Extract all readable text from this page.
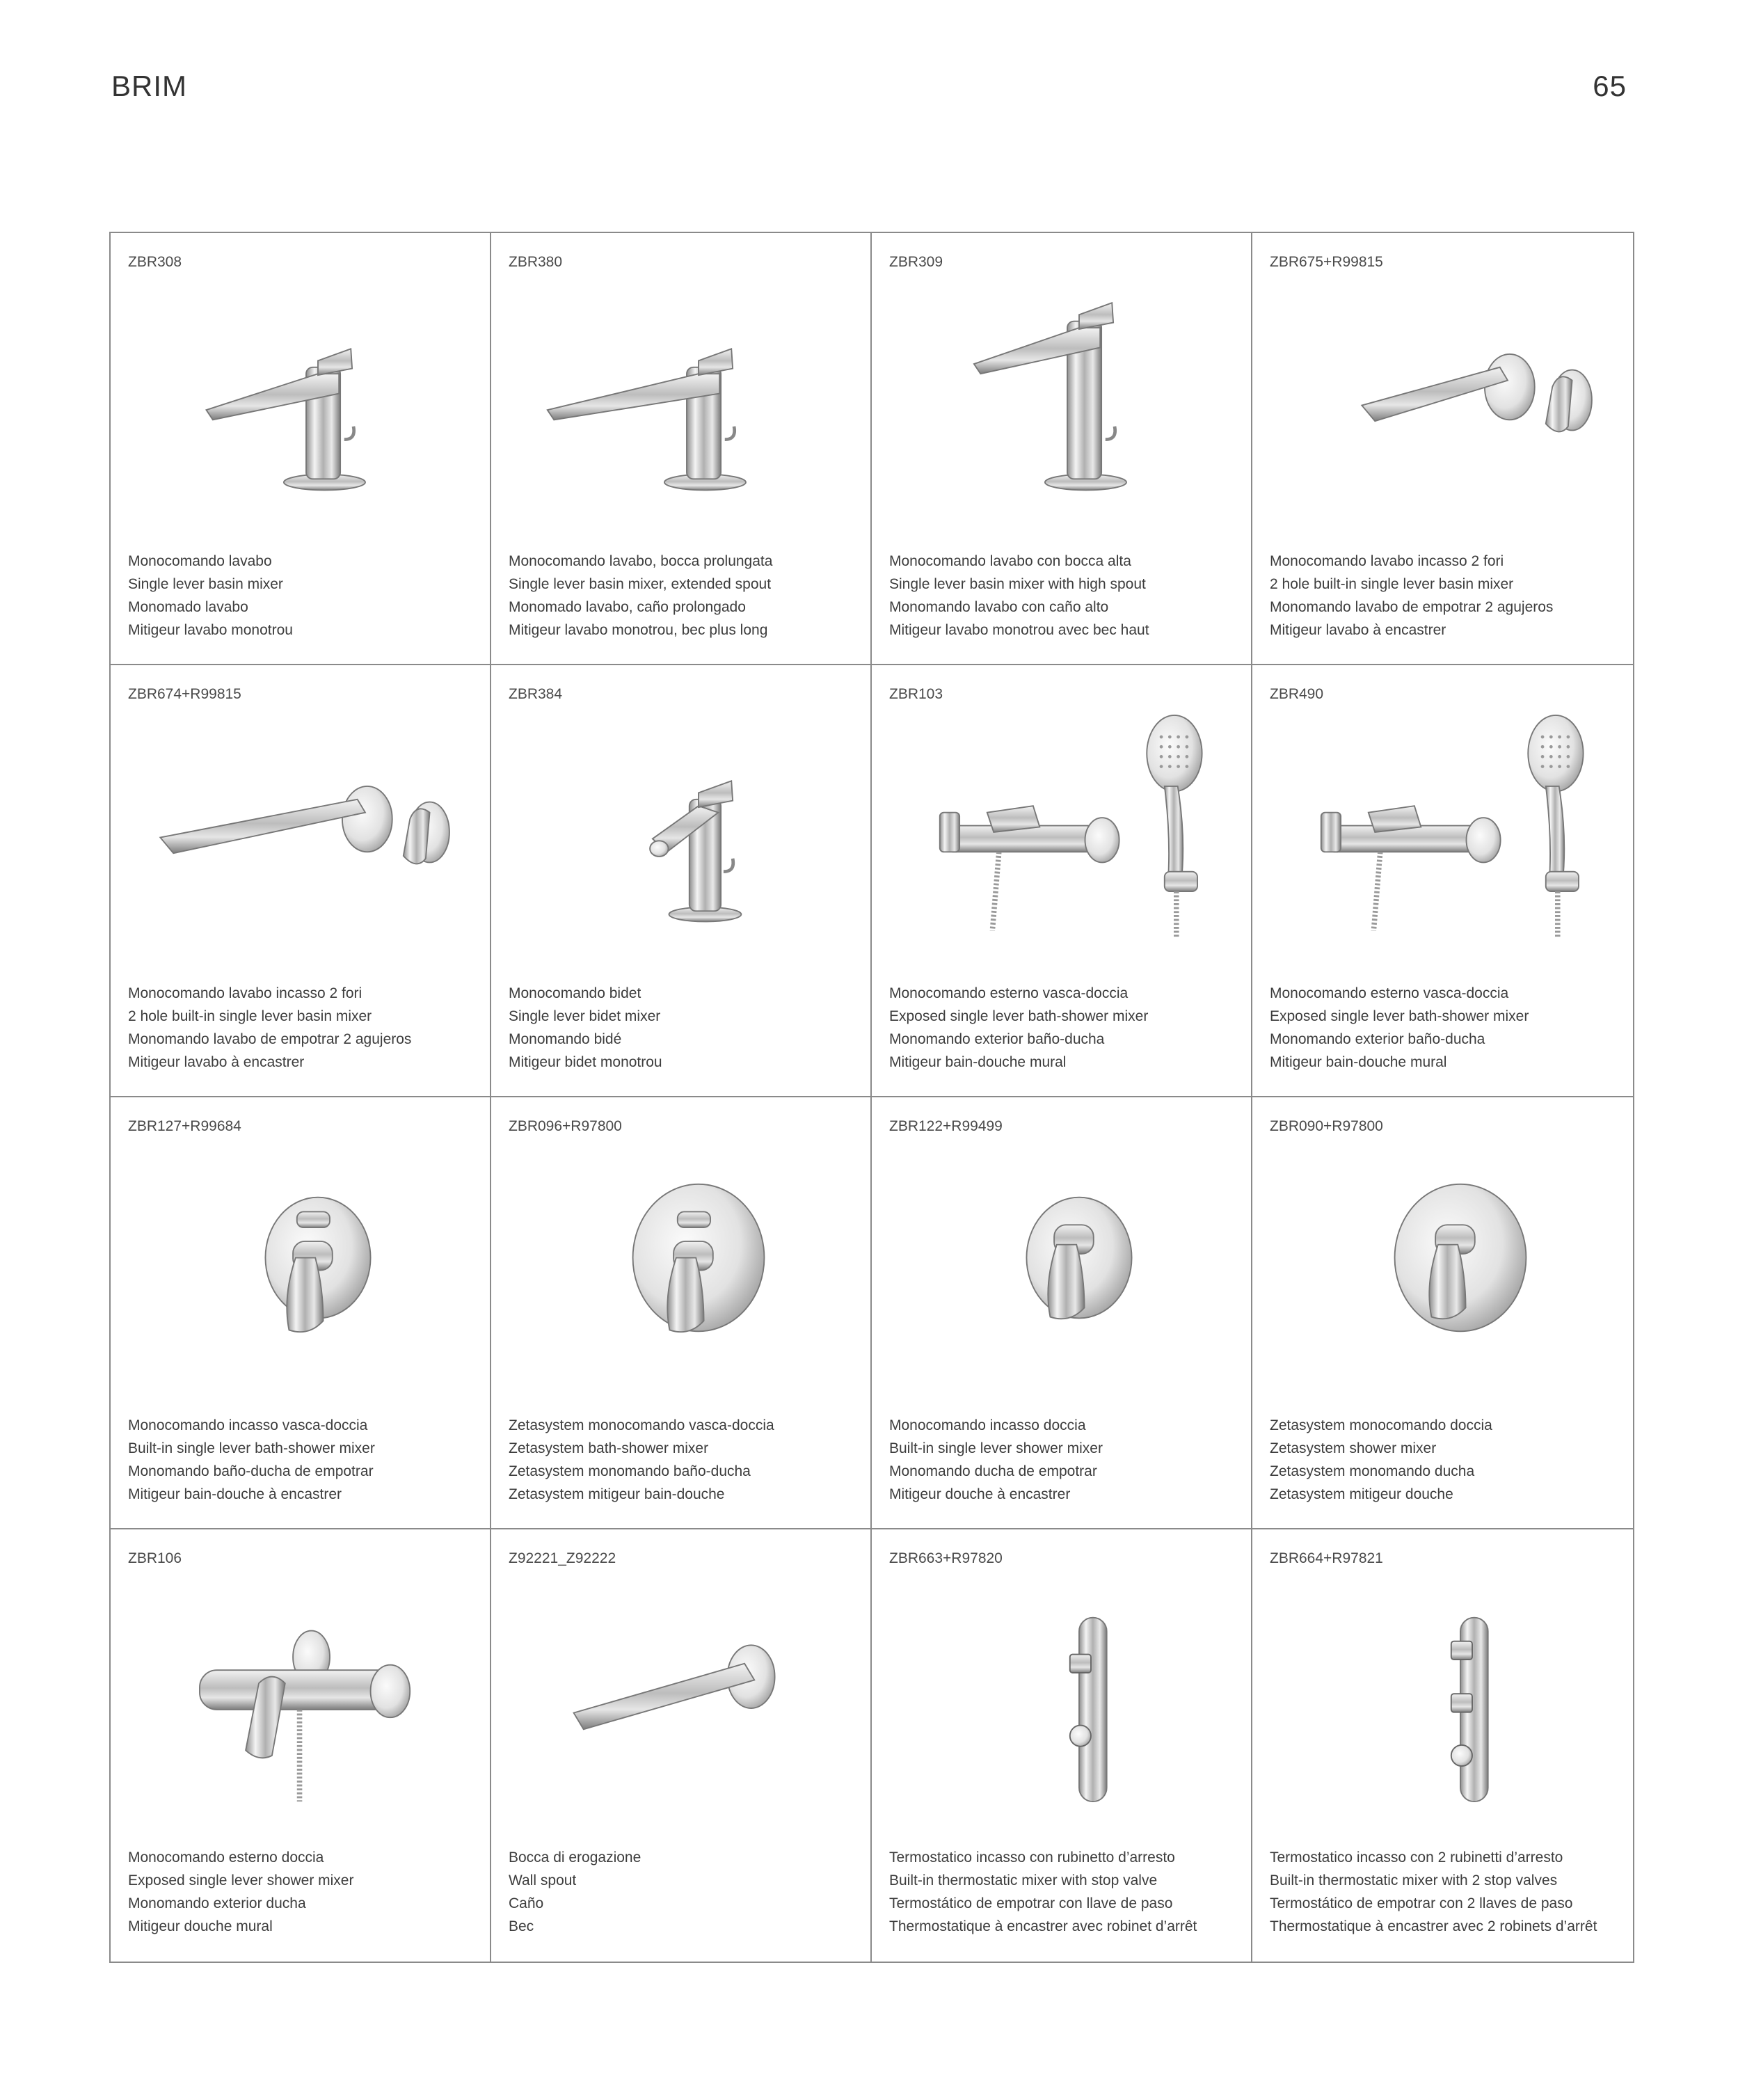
BRIM	65
ZBR308
Monocomando lavabo
Single lever basin mixer
Monomado lavabo
Mitigeur lavabo monotrou
ZBR380
Monocomando lavabo, bocca prolungata
Single lever basin mixer, extended spout
Monomado lavabo, caño prolongado
Mitigeur lavabo monotrou, bec plus long
ZBR309
Monocomando lavabo con bocca alta
Single lever basin mixer with high spout
Monomando lavabo con caño alto
Mitigeur lavabo monotrou avec bec haut
ZBR675+R99815
Monocomando lavabo incasso 2 fori
2 hole built-in single lever basin mixer
Monomando lavabo de empotrar 2 agujeros
Mitigeur lavabo à encastrer
ZBR674+R99815
Monocomando lavabo incasso 2 fori
2 hole built-in single lever basin mixer
Monomando lavabo de empotrar 2 agujeros
Mitigeur lavabo à encastrer
ZBR384
Monocomando bidet
Single lever bidet mixer
Monomando bidé
Mitigeur bidet monotrou
ZBR103
Monocomando esterno vasca-doccia
Exposed single lever bath-shower mixer
Monomando exterior baño-ducha
Mitigeur bain-douche mural
ZBR490
Monocomando esterno vasca-doccia
Exposed single lever bath-shower mixer
Monomando exterior baño-ducha
Mitigeur bain-douche mural
ZBR127+R99684
Monocomando incasso vasca-doccia
Built-in single lever bath-shower mixer
Monomando baño-ducha de empotrar
Mitigeur bain-douche à encastrer
ZBR096+R97800
Zetasystem monocomando vasca-doccia
Zetasystem bath-shower mixer
Zetasystem monomando baño-ducha
Zetasystem mitigeur bain-douche
ZBR122+R99499
Monocomando incasso doccia
Built-in single lever shower mixer
Monomando ducha de empotrar
Mitigeur douche à encastrer
ZBR090+R97800
Zetasystem monocomando doccia
Zetasystem shower mixer
Zetasystem monomando ducha
Zetasystem mitigeur douche
ZBR106
Monocomando esterno doccia
Exposed single lever shower mixer
Monomando exterior ducha
Mitigeur douche mural
Z92221_Z92222
Bocca di erogazione
Wall spout
Caño
Bec
ZBR663+R97820
Termostatico incasso con rubinetto d’arresto
Built-in thermostatic mixer with stop valve
Termostático de empotrar con llave de paso
Thermostatique à encastrer avec robinet d’arrêt
ZBR664+R97821
Termostatico incasso con 2 rubinetti d’arresto
Built-in thermostatic mixer with 2 stop valves
Termostático de empotrar con 2 llaves de paso
Thermostatique à encastrer avec 2 robinets d’arrêt
